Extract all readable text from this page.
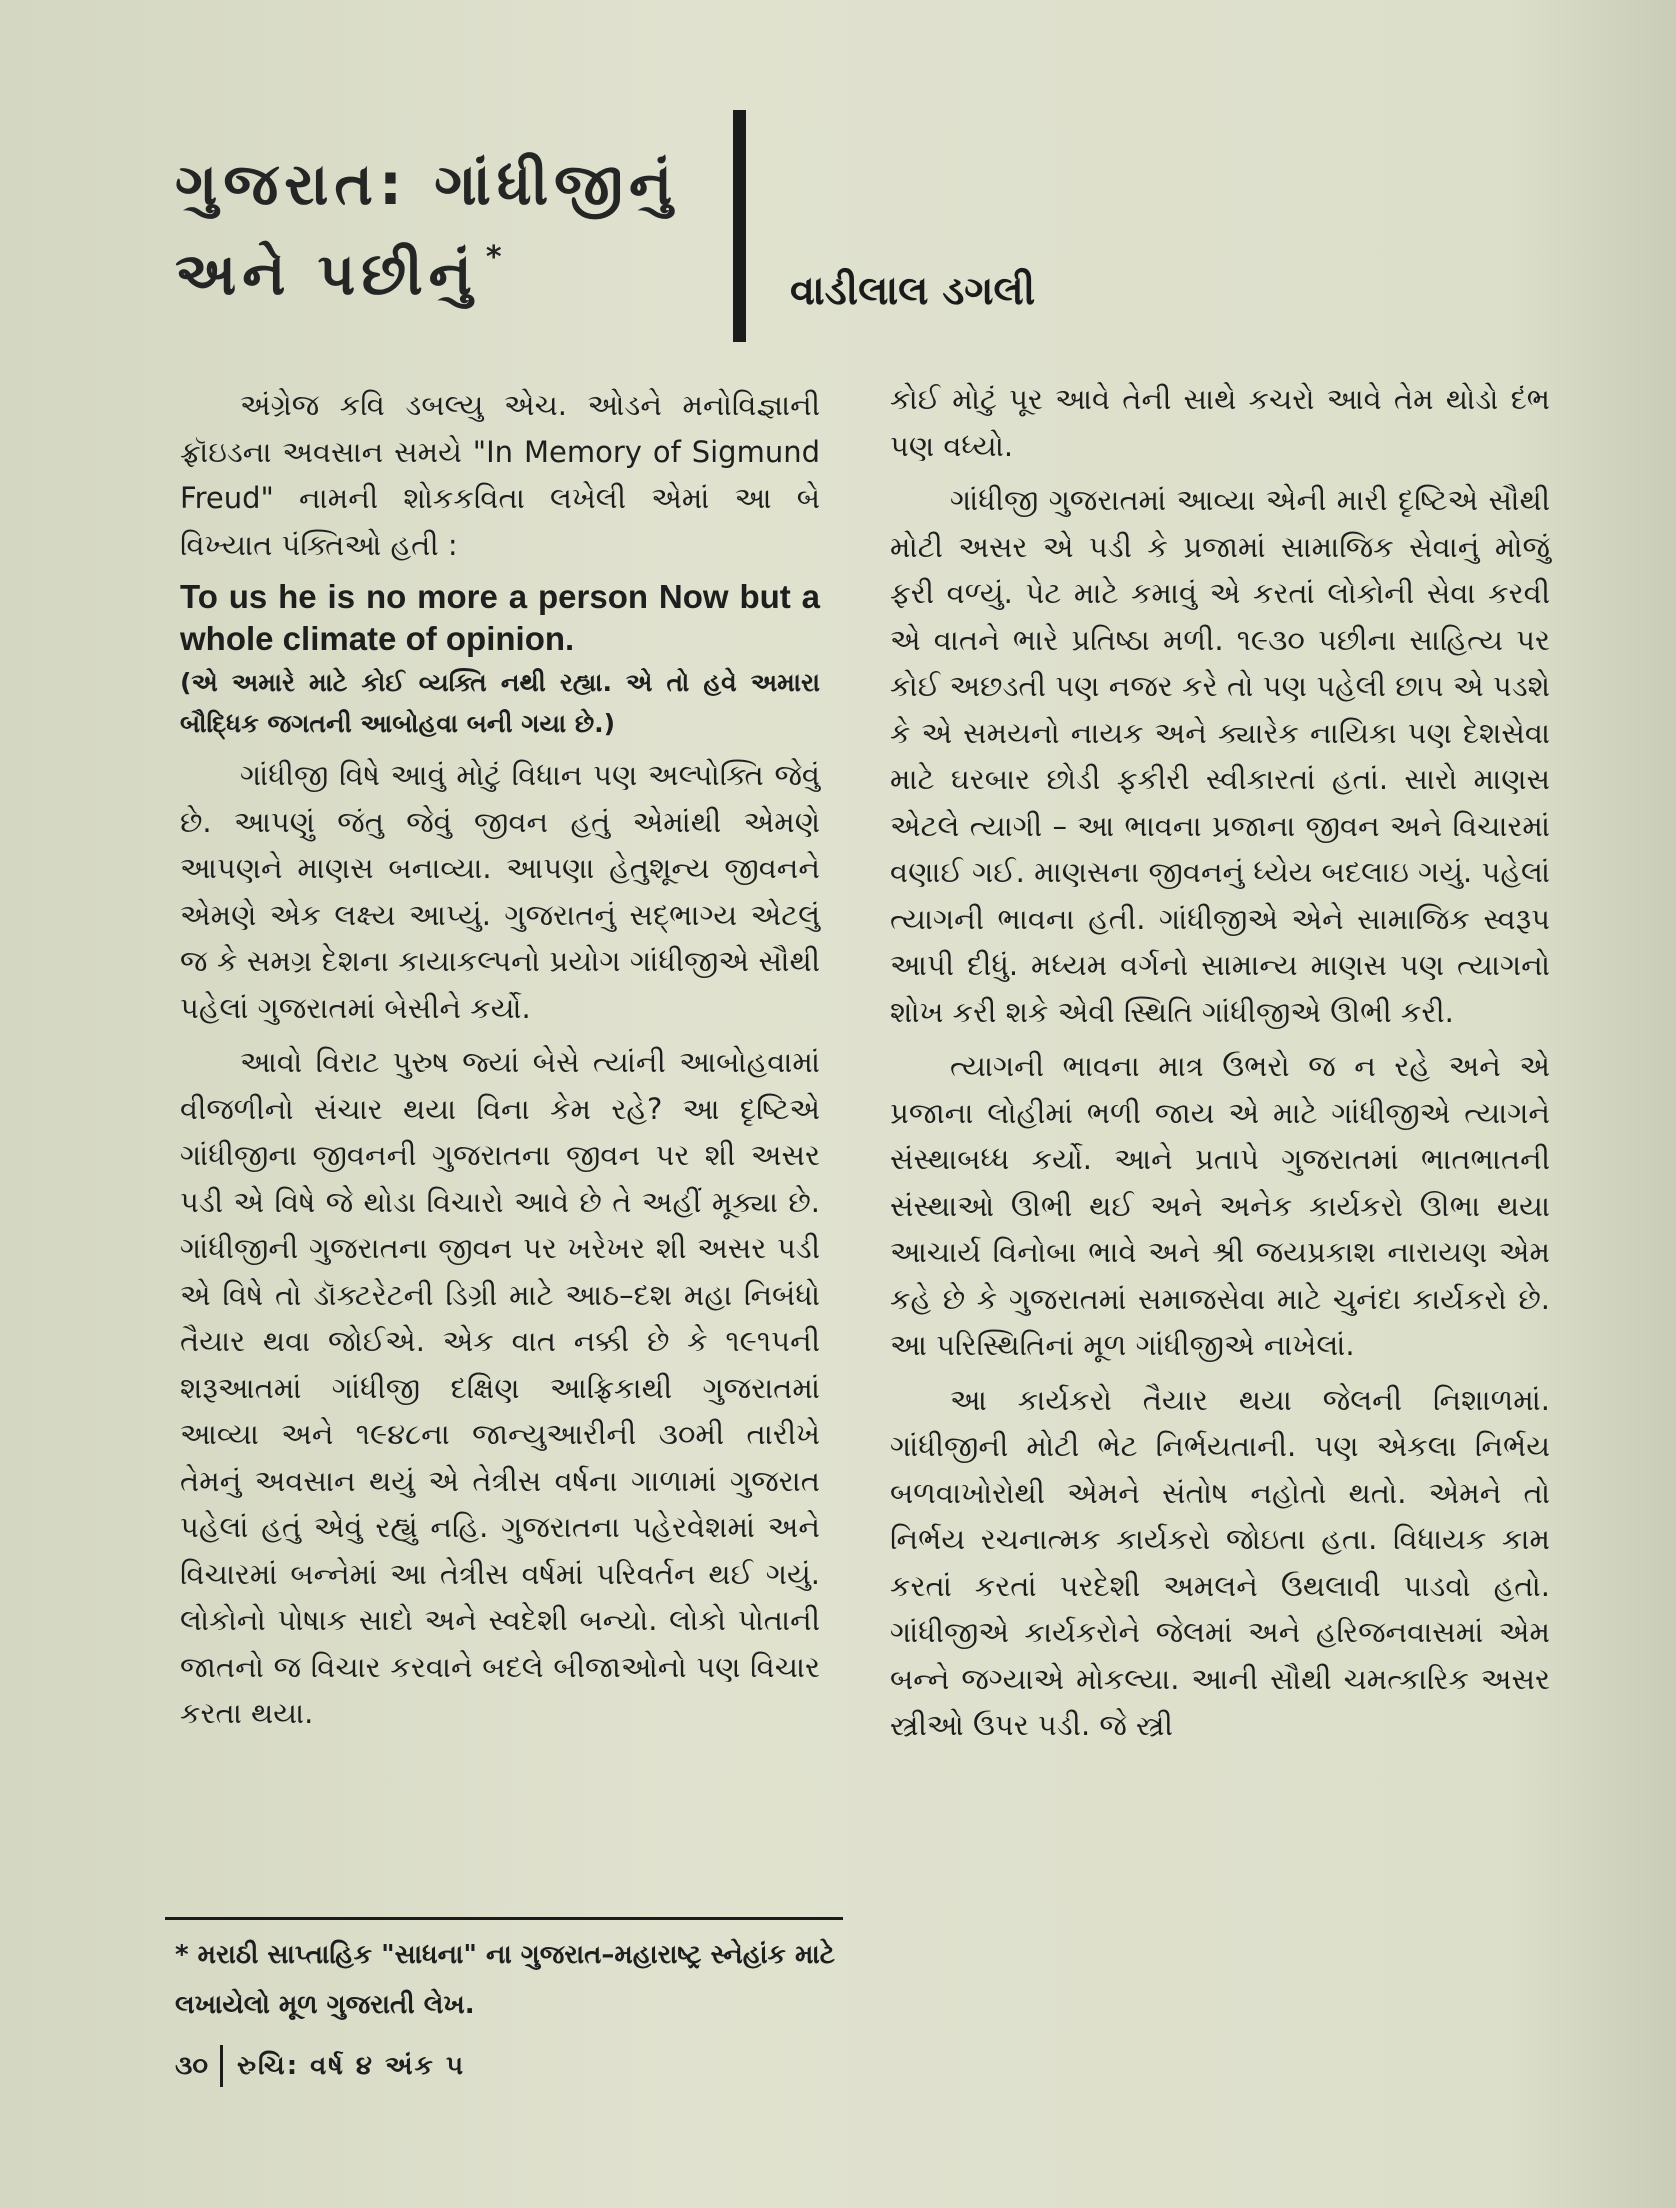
ગુજરાત: ગાંધીજીનું
અને પછીનું *
વાડીલાલ ડગલી

અંગ્રેજ કવિ ડબલ્યુ એચ. ઓડને મનોવિજ્ઞાની ફ્રૉઇડના અવસાન સમયે "In Memory of Sigmund Freud" નામની શોકકવિતા લખેલી એમાં આ બે વિખ્યાત પંક્તિઓ હતી :

To us he is no more a person Now but a whole climate of opinion.
(એ અમારે માટે કોઈ વ્યક્તિ નથી રહ્યા. એ તો હવે અમારા બૌદ્ધિક જગતની આબોહવા બની ગયા છે.)

ગાંધીજી વિષે આવું મોટું વિધાન પણ અલ્પોક્તિ જેવું છે. આપણું જંતુ જેવું જીવન હતું એમાંથી એમણે આપણને માણસ બનાવ્યા. આપણા હેતુશૂન્ય જીવનને એમણે એક લક્ષ્ય આપ્યું. ગુજરાતનું સદ્ભાગ્ય એટલું જ કે સમગ્ર દેશના કાયાકલ્પનો પ્રયોગ ગાંધીજીએ સૌથી પહેલાં ગુજરાતમાં બેસીને કર્યો.

આવો વિરાટ પુરુષ જ્યાં બેસે ત્યાંની આબોહવામાં વીજળીનો સંચાર થયા વિના કેમ રહે? આ દૃષ્ટિએ ગાંધીજીના જીવનની ગુજરાતના જીવન પર શી અસર પડી એ વિષે જે થોડા વિચારો આવે છે તે અહીં મૂક્યા છે. ગાંધીજીની ગુજરાતના જીવન પર ખરેખર શી અસર પડી એ વિષે તો ડૉક્ટરેટની ડિગ્રી માટે આઠ–દશ મહા નિબંધો તૈયાર થવા જોઈએ. એક વાત નક્કી છે કે ૧૯૧૫ની શરૂઆતમાં ગાંધીજી દક્ષિણ આફ્રિકાથી ગુજરાતમાં આવ્યા અને ૧૯૪૮ના જાન્યુઆરીની ૩૦મી તારીખે તેમનું અવસાન થયું એ તેત્રીસ વર્ષના ગાળામાં ગુજરાત પહેલાં હતું એવું રહ્યું નહિ. ગુજરાતના પહેરવેશમાં અને વિચારમાં બન્નેમાં આ તેત્રીસ વર્ષમાં પરિવર્તન થઈ ગયું. લોકોનો પોષાક સાદો અને સ્વદેશી બન્યો. લોકો પોતાની જાતનો જ વિચાર કરવાને બદલે બીજાઓનો પણ વિચાર કરતા થયા.

કોઈ મોટું પૂર આવે તેની સાથે કચરો આવે તેમ થોડો દંભ પણ વધ્યો.

ગાંધીજી ગુજરાતમાં આવ્યા એની મારી દૃષ્ટિએ સૌથી મોટી અસર એ પડી કે પ્રજામાં સામાજિક સેવાનું મોજું ફરી વળ્યું. પેટ માટે કમાવું એ કરતાં લોકોની સેવા કરવી એ વાતને ભારે પ્રતિષ્ઠા મળી. ૧૯૩૦ પછીના સાહિત્ય પર કોઈ અછડતી પણ નજર કરે તો પણ પહેલી છાપ એ પડશે કે એ સમયનો નાયક અને ક્યારેક નાયિકા પણ દેશસેવા માટે ઘરબાર છોડી ફકીરી સ્વીકારતાં હતાં. સારો માણસ એટલે ત્યાગી – આ ભાવના પ્રજાના જીવન અને વિચારમાં વણાઈ ગઈ. માણસના જીવનનું ધ્યેય બદલાઇ ગયું. પહેલાં ત્યાગની ભાવના હતી. ગાંધીજીએ એને સામાજિક સ્વરૂપ આપી દીધું. મધ્યમ વર્ગનો સામાન્ય માણસ પણ ત્યાગનો શોખ કરી શકે એવી સ્થિતિ ગાંધીજીએ ઊભી કરી.

ત્યાગની ભાવના માત્ર ઉભરો જ ન રહે અને એ પ્રજાના લોહીમાં ભળી જાય એ માટે ગાંધીજીએ ત્યાગને સંસ્થાબધ્ધ કર્યો. આને પ્રતાપે ગુજરાતમાં ભાતભાતની સંસ્થાઓ ઊભી થઈ અને અનેક કાર્યકરો ઊભા થયા આચાર્ય વિનોબા ભાવે અને શ્રી જયપ્રકાશ નારાયણ એમ કહે છે કે ગુજરાતમાં સમાજસેવા માટે ચુનંદા કાર્યકરો છે. આ પરિસ્થિતિનાં મૂળ ગાંધીજીએ નાખેલાં.

આ કાર્યકરો તૈયાર થયા જેલની નિશાળમાં. ગાંધીજીની મોટી ભેટ નિર્ભયતાની. પણ એકલા નિર્ભય બળવાખોરોથી એમને સંતોષ નહોતો થતો. એમને તો નિર્ભય રચનાત્મક કાર્યકરો જોઇતા હતા. વિધાયક કામ કરતાં કરતાં પરદેશી અમલને ઉથલાવી પાડવો હતો. ગાંધીજીએ કાર્યકરોને જેલમાં અને હરિજનવાસમાં એમ બન્ને જગ્યાએ મોકલ્યા. આની સૌથી ચમત્કારિક અસર સ્ત્રીઓ ઉપર પડી. જે સ્ત્રી

* મરાઠી સાપ્તાહિક "સાધના" ના ગુજરાત–મહારાષ્ટ્ર સ્નેહાંક માટે લખાયેલો મૂળ ગુજરાતી લેખ.
૩૦ રુચિ: વર્ષ ૪ અંક ૫
